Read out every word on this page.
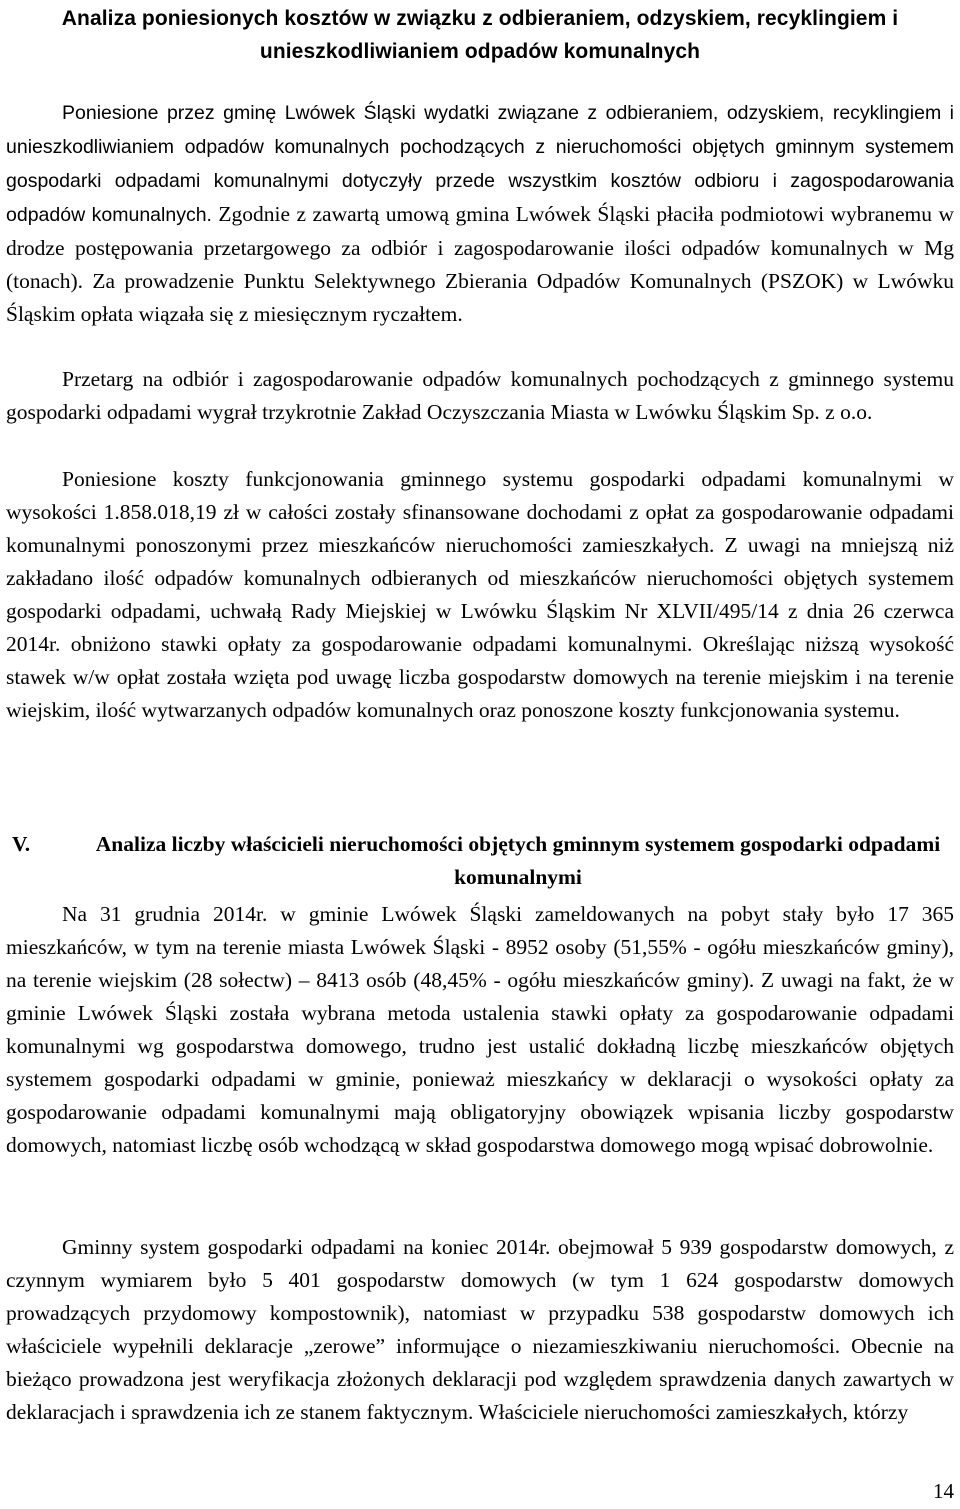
Analiza poniesionych kosztów w związku z odbieraniem, odzyskiem, recyklingiem i unieszkodliwianiem odpadów komunalnych

Poniesione przez gminę Lwówek Śląski wydatki związane z odbieraniem, odzyskiem, recyklingiem i unieszkodliwianiem odpadów komunalnych pochodzących z nieruchomości objętych gminnym systemem gospodarki odpadami komunalnymi dotyczyły przede wszystkim kosztów odbioru i zagospodarowania odpadów komunalnych. Zgodnie z zawartą umową gmina Lwówek Śląski płaciła podmiotowi wybranemu w drodze postępowania przetargowego za odbiór i zagospodarowanie ilości odpadów komunalnych w Mg (tonach). Za prowadzenie Punktu Selektywnego Zbierania Odpadów Komunalnych (PSZOK) w Lwówku Śląskim opłata wiązała się z miesięcznym ryczałtem.

Przetarg na odbiór i zagospodarowanie odpadów komunalnych pochodzących z gminnego systemu gospodarki odpadami wygrał trzykrotnie Zakład Oczyszczania Miasta w Lwówku Śląskim Sp. z o.o.

Poniesione koszty funkcjonowania gminnego systemu gospodarki odpadami komunalnymi w wysokości 1.858.018,19 zł w całości zostały sfinansowane dochodami z opłat za gospodarowanie odpadami komunalnymi ponoszonymi przez mieszkańców nieruchomości zamieszkałych. Z uwagi na mniejszą niż zakładano ilość odpadów komunalnych odbieranych od mieszkańców nieruchomości objętych systemem gospodarki odpadami, uchwałą Rady Miejskiej w Lwówku Śląskim Nr XLVII/495/14 z dnia 26 czerwca 2014r. obniżono stawki opłaty za gospodarowanie odpadami komunalnymi. Określając niższą wysokość stawek w/w opłat została wzięta pod uwagę liczba gospodarstw domowych na terenie miejskim i na terenie wiejskim, ilość wytwarzanych odpadów komunalnych oraz ponoszone koszty funkcjonowania systemu.

V.	Analiza liczby właścicieli nieruchomości objętych gminnym systemem gospodarki odpadami komunalnymi

Na 31 grudnia 2014r. w gminie Lwówek Śląski zameldowanych na pobyt stały było 17 365 mieszkańców, w tym na terenie miasta Lwówek Śląski - 8952 osoby (51,55% - ogółu mieszkańców gminy), na terenie wiejskim (28 sołectw) – 8413 osób (48,45% - ogółu mieszkańców gminy). Z uwagi na fakt, że w gminie Lwówek Śląski została wybrana metoda ustalenia stawki opłaty za gospodarowanie odpadami komunalnymi wg gospodarstwa domowego, trudno jest ustalić dokładną liczbę mieszkańców objętych systemem gospodarki odpadami w gminie, ponieważ mieszkańcy w deklaracji o wysokości opłaty za gospodarowanie odpadami komunalnymi mają obligatoryjny obowiązek wpisania liczby gospodarstw domowych, natomiast liczbę osób wchodzącą w skład gospodarstwa domowego mogą wpisać dobrowolnie.

Gminny system gospodarki odpadami na koniec 2014r. obejmował 5 939 gospodarstw domowych, z czynnym wymiarem było 5 401 gospodarstw domowych (w tym 1 624 gospodarstw domowych prowadzących przydomowy kompostownik), natomiast w przypadku 538 gospodarstw domowych ich właściciele wypełnili deklaracje „zerowe” informujące o niezamieszkiwaniu nieruchomości. Obecnie na bieżąco prowadzona jest weryfikacja złożonych deklaracji pod względem sprawdzenia danych zawartych w deklaracjach i sprawdzenia ich ze stanem faktycznym. Właściciele nieruchomości zamieszkałych, którzy

14
